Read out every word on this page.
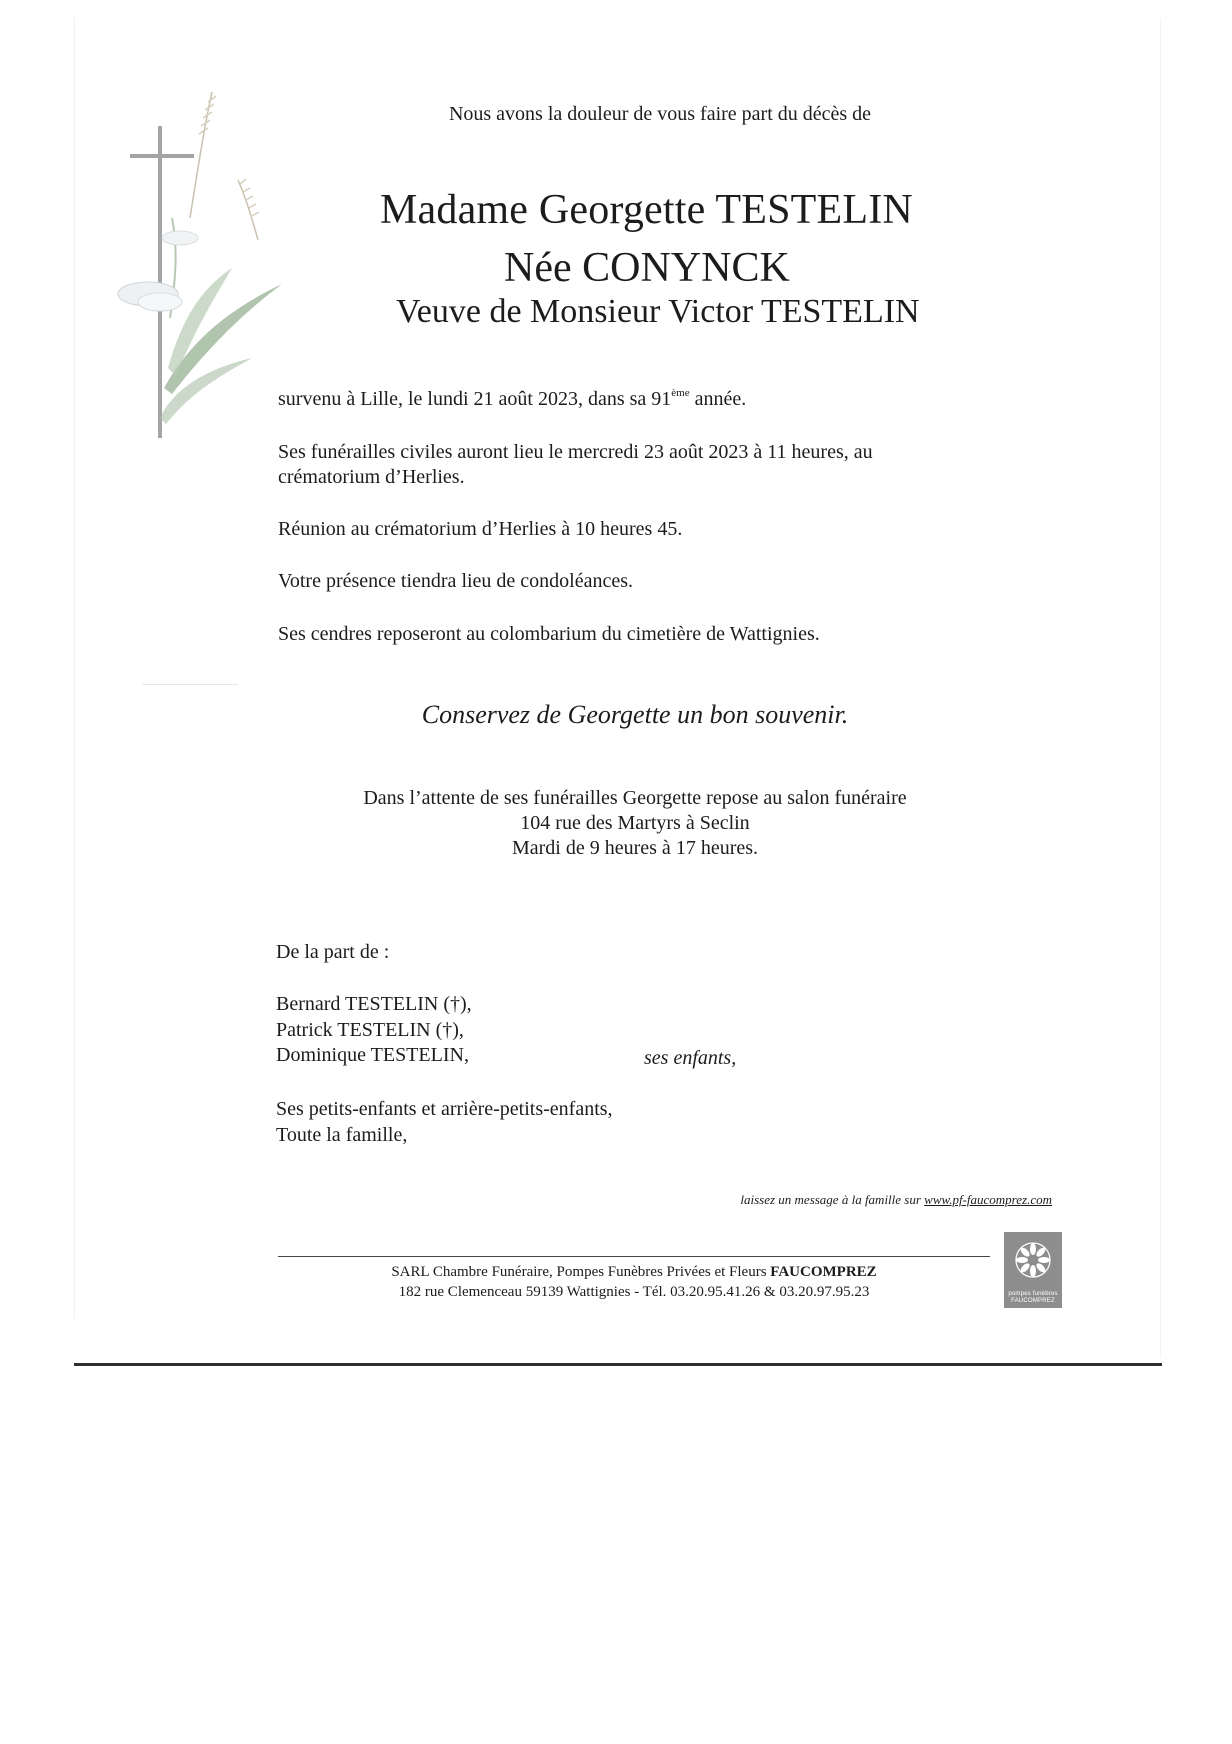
Nous avons la douleur de vous faire part du décès de
Madame Georgette TESTELIN
Née CONYNCK
Veuve de Monsieur Victor TESTELIN
survenu à Lille, le lundi 21 août 2023, dans sa 91ème année.
Ses funérailles civiles auront lieu le mercredi 23 août 2023 à 11 heures, au
crématorium d’Herlies.
Réunion au crématorium d’Herlies à 10 heures 45.
Votre présence tiendra lieu de condoléances.
Ses cendres reposeront au colombarium du cimetière de Wattignies.
Conservez de Georgette un bon souvenir.
Dans l’attente de ses funérailles Georgette repose au salon funéraire
104 rue des Martyrs à Seclin
Mardi de 9 heures à 17 heures.
De la part de :
Bernard TESTELIN (†),
Patrick TESTELIN (†),
Dominique TESTELIN,	ses enfants,
Ses petits-enfants et arrière-petits-enfants,
Toute la famille,
laissez un message à la famille sur www.pf-faucomprez.com
SARL Chambre Funéraire, Pompes Funèbres Privées et Fleurs FAUCOMPREZ
182 rue Clemenceau 59139 Wattignies - Tél. 03.20.95.41.26 & 03.20.97.95.23	pompes funèbres
FAUCOMPREZ
